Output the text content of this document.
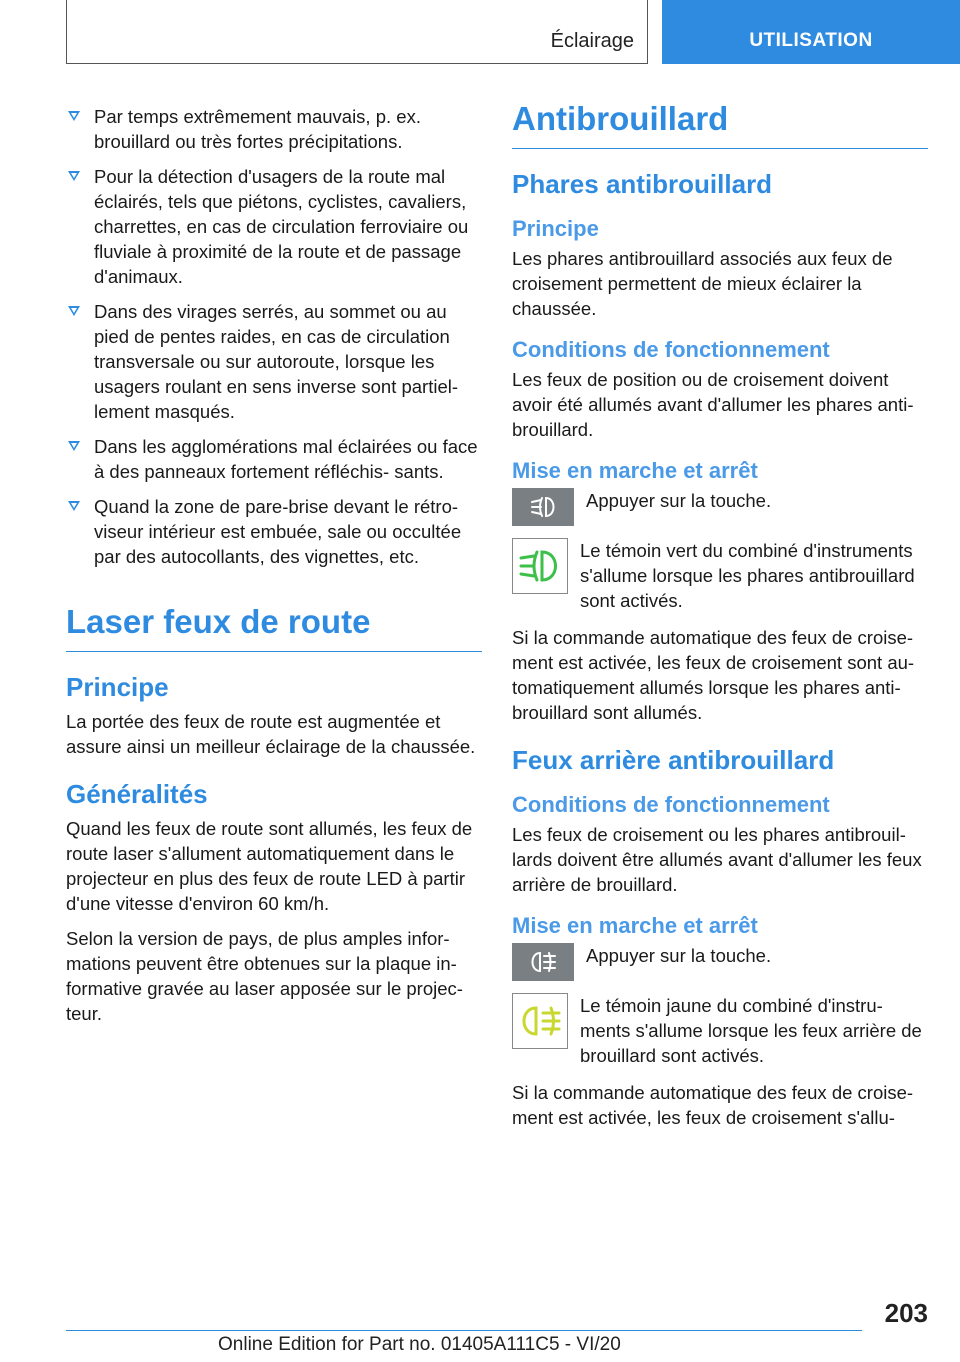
Éclairage	UTILISATION
Par temps extrêmement mauvais, p. ex. brouillard ou très fortes précipitations.
Pour la détection d'usagers de la route mal éclairés, tels que piétons, cyclistes, cavaliers, charrettes, en cas de circulation ferroviaire ou fluviale à proximité de la route et de passage d'animaux.
Dans des virages serrés, au sommet ou au pied de pentes raides, en cas de circulation transversale ou sur autoroute, lorsque les usagers roulant en sens inverse sont partiel‐ lement masqués.
Dans les agglomérations mal éclairées ou face à des panneaux fortement réfléchis‐ sants.
Quand la zone de pare-brise devant le rétro‐ viseur intérieur est embuée, sale ou occultée par des autocollants, des vignettes, etc.
Laser feux de route
Principe

La portée des feux de route est augmentée et assure ainsi un meilleur éclairage de la chaussée.

Généralités

Quand les feux de route sont allumés, les feux de route laser s'allument automatiquement dans le projecteur en plus des feux de route LED à partir d'une vitesse d'environ 60 km/h.

Selon la version de pays, de plus amples infor‐ mations peuvent être obtenues sur la plaque in‐ formative gravée au laser apposée sur le projec‐ teur.

Antibrouillard
Phares antibrouillard
Principe

Les phares antibrouillard associés aux feux de croisement permettent de mieux éclairer la chaussée.

Conditions de fonctionnement

Les feux de position ou de croisement doivent avoir été allumés avant d'allumer les phares anti‐ brouillard.

Mise en marche et arrêt

Appuyer sur la touche.

Le témoin vert du combiné d'instruments s'allume lorsque les phares antibrouillard sont activés.

Si la commande automatique des feux de croise‐ ment est activée, les feux de croisement sont au‐ tomatiquement allumés lorsque les phares anti‐ brouillard sont allumés.

Feux arrière antibrouillard
Conditions de fonctionnement

Les feux de croisement ou les phares antibrouil‐ lards doivent être allumés avant d'allumer les feux arrière de brouillard.

Mise en marche et arrêt

Appuyer sur la touche.

Le témoin jaune du combiné d'instru‐ ments s'allume lorsque les feux arrière de brouillard sont activés.

Si la commande automatique des feux de croise‐ ment est activée, les feux de croisement s'allu‐

203
Online Edition for Part no. 01405A111C5 - VI/20
